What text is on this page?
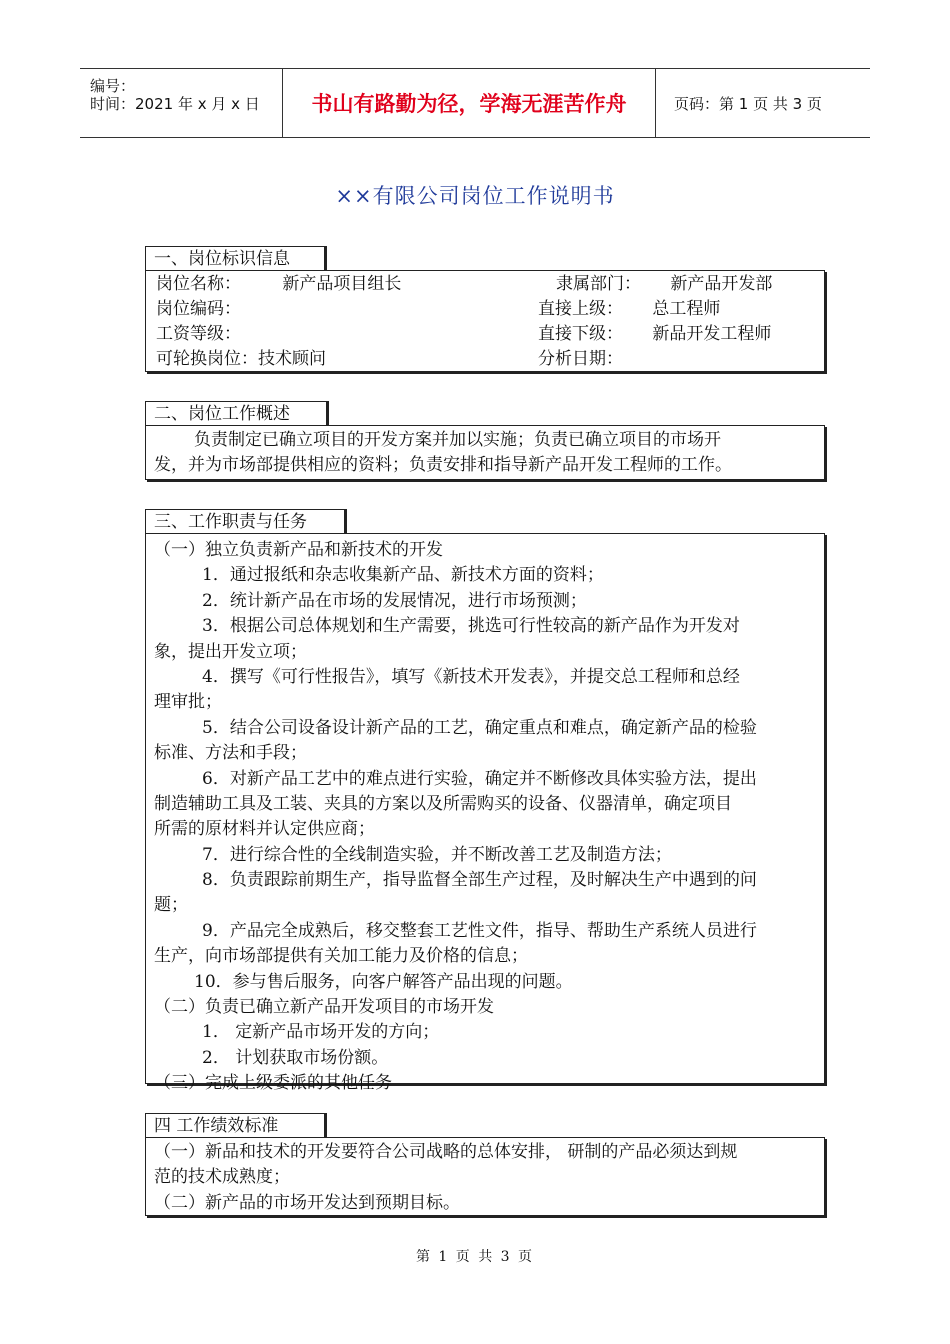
编号：
时间：2021 年 x 月 x 日	书山有路勤为径，学海无涯苦作舟	页码：第 1 页 共 3 页
××有限公司岗位工作说明书
一、岗位标识信息
岗位名称： 新产品项目组长	隶属部门： 新产品开发部
岗位编码：	直接上级： 总工程师
工资等级：	直接下级： 新品开发工程师
可轮换岗位：技术顾问	分析日期：
二、岗位工作概述
负责制定已确立项目的开发方案并加以实施；负责已确立项目的市场开
发，并为市场部提供相应的资料；负责安排和指导新产品开发工程师的工作。
三、工作职责与任务
（一）独立负责新产品和新技术的开发
1．通过报纸和杂志收集新产品、新技术方面的资料；
2．统计新产品在市场的发展情况，进行市场预测；
3．根据公司总体规划和生产需要，挑选可行性较高的新产品作为开发对
象，提出开发立项；
4．撰写《可行性报告》，填写《新技术开发表》，并提交总工程师和总经
理审批；
5．结合公司设备设计新产品的工艺，确定重点和难点，确定新产品的检验
标准、方法和手段；
6．对新产品工艺中的难点进行实验，确定并不断修改具体实验方法，提出
制造辅助工具及工装、夹具的方案以及所需购买的设备、仪器清单，确定项目
所需的原材料并认定供应商；
7．进行综合性的全线制造实验，并不断改善工艺及制造方法；
8．负责跟踪前期生产，指导监督全部生产过程，及时解决生产中遇到的问
题；
9．产品完全成熟后，移交整套工艺性文件，指导、帮助生产系统人员进行
生产，向市场部提供有关加工能力及价格的信息；
10．参与售后服务，向客户解答产品出现的问题。
（二）负责已确立新产品开发项目的市场开发
1． 定新产品市场开发的方向；
2． 计划获取市场份额。
（三）完成上级委派的其他任务
四 工作绩效标准
（一）新品和技术的开发要符合公司战略的总体安排， 研制的产品必须达到规
范的技术成熟度；
（二）新产品的市场开发达到预期目标。
第 1 页 共 3 页
